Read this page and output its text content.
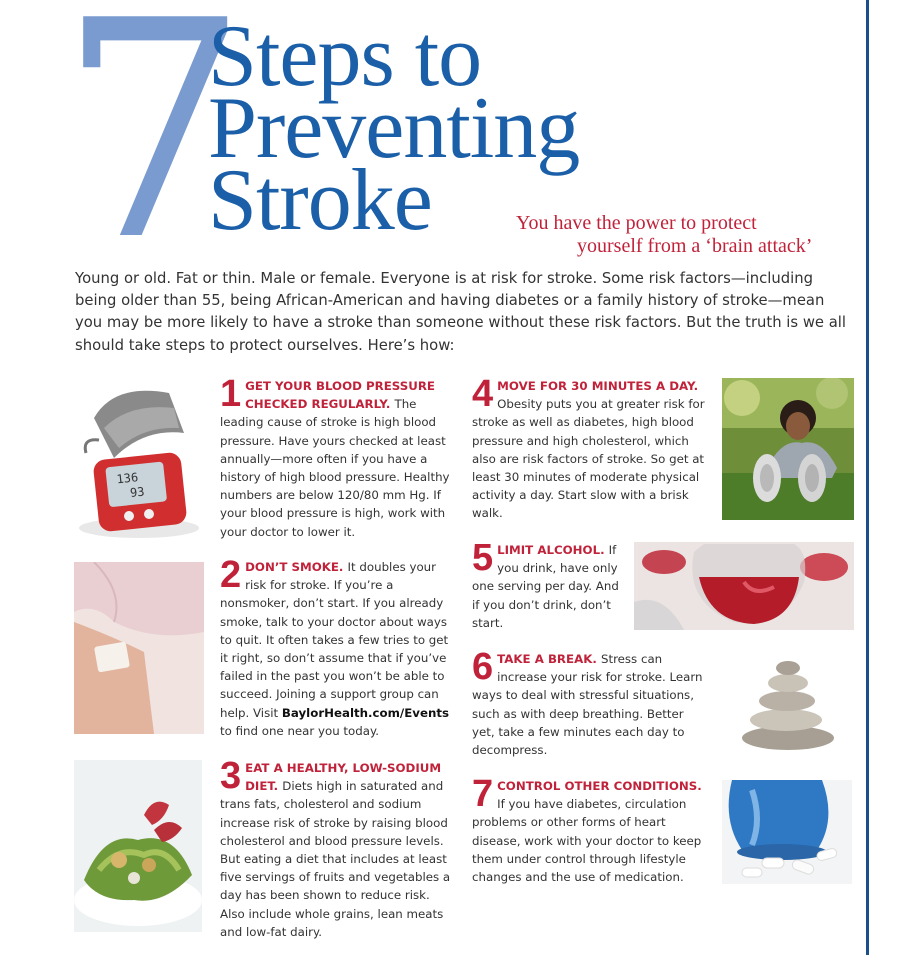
7
Steps to
Preventing
Stroke	You have the power to protect
yourself from a ‘brain attack’

Young or old. Fat or thin. Male or female. Everyone is at risk for stroke. Some risk factors—including being older than 55, being African-American and having diabetes or a family history of stroke—mean you may be more likely to have a stroke than someone without these risk factors. But the truth is we all should take steps to protect ourselves. Here’s how:

136
93
1 GET YOUR BLOOD PRESSURE CHECKED REGULARLY. The leading cause of stroke is high blood pressure. Have yours checked at least annually—more often if you have a history of high blood pressure. Healthy numbers are below 120/80 mm Hg. If your blood pressure is high, work with your doctor to lower it.
2 DON’T SMOKE. It doubles your risk for stroke. If you’re a nonsmoker, don’t start. If you already smoke, talk to your doctor about ways to quit. It often takes a few tries to get it right, so don’t assume that if you’ve failed in the past you won’t be able to succeed. Joining a support group can help. Visit BaylorHealth.com/Events to find one near you today.
3 EAT A HEALTHY, LOW-SODIUM DIET. Diets high in saturated and trans fats, cholesterol and sodium increase risk of stroke by raising blood cholesterol and blood pressure levels. But eating a diet that includes at least five servings of fruits and vegetables a day has been shown to reduce risk. Also include whole grains, lean meats and low-fat dairy.
4 MOVE FOR 30 MINUTES A DAY. Obesity puts you at greater risk for stroke as well as diabetes, high blood pressure and high cholesterol, which also are risk factors of stroke. So get at least 30 minutes of moderate physical activity a day. Start slow with a brisk walk.
5 LIMIT ALCOHOL. If you drink, have only one serving per day. And if you don’t drink, don’t start.
6 TAKE A BREAK. Stress can increase your risk for stroke. Learn ways to deal with stressful situations, such as with deep breathing. Better yet, take a few minutes each day to decompress.
7 CONTROL OTHER CONDITIONS. If you have diabetes, circulation problems or other forms of heart disease, work with your doctor to keep them under control through lifestyle changes and the use of medication.
